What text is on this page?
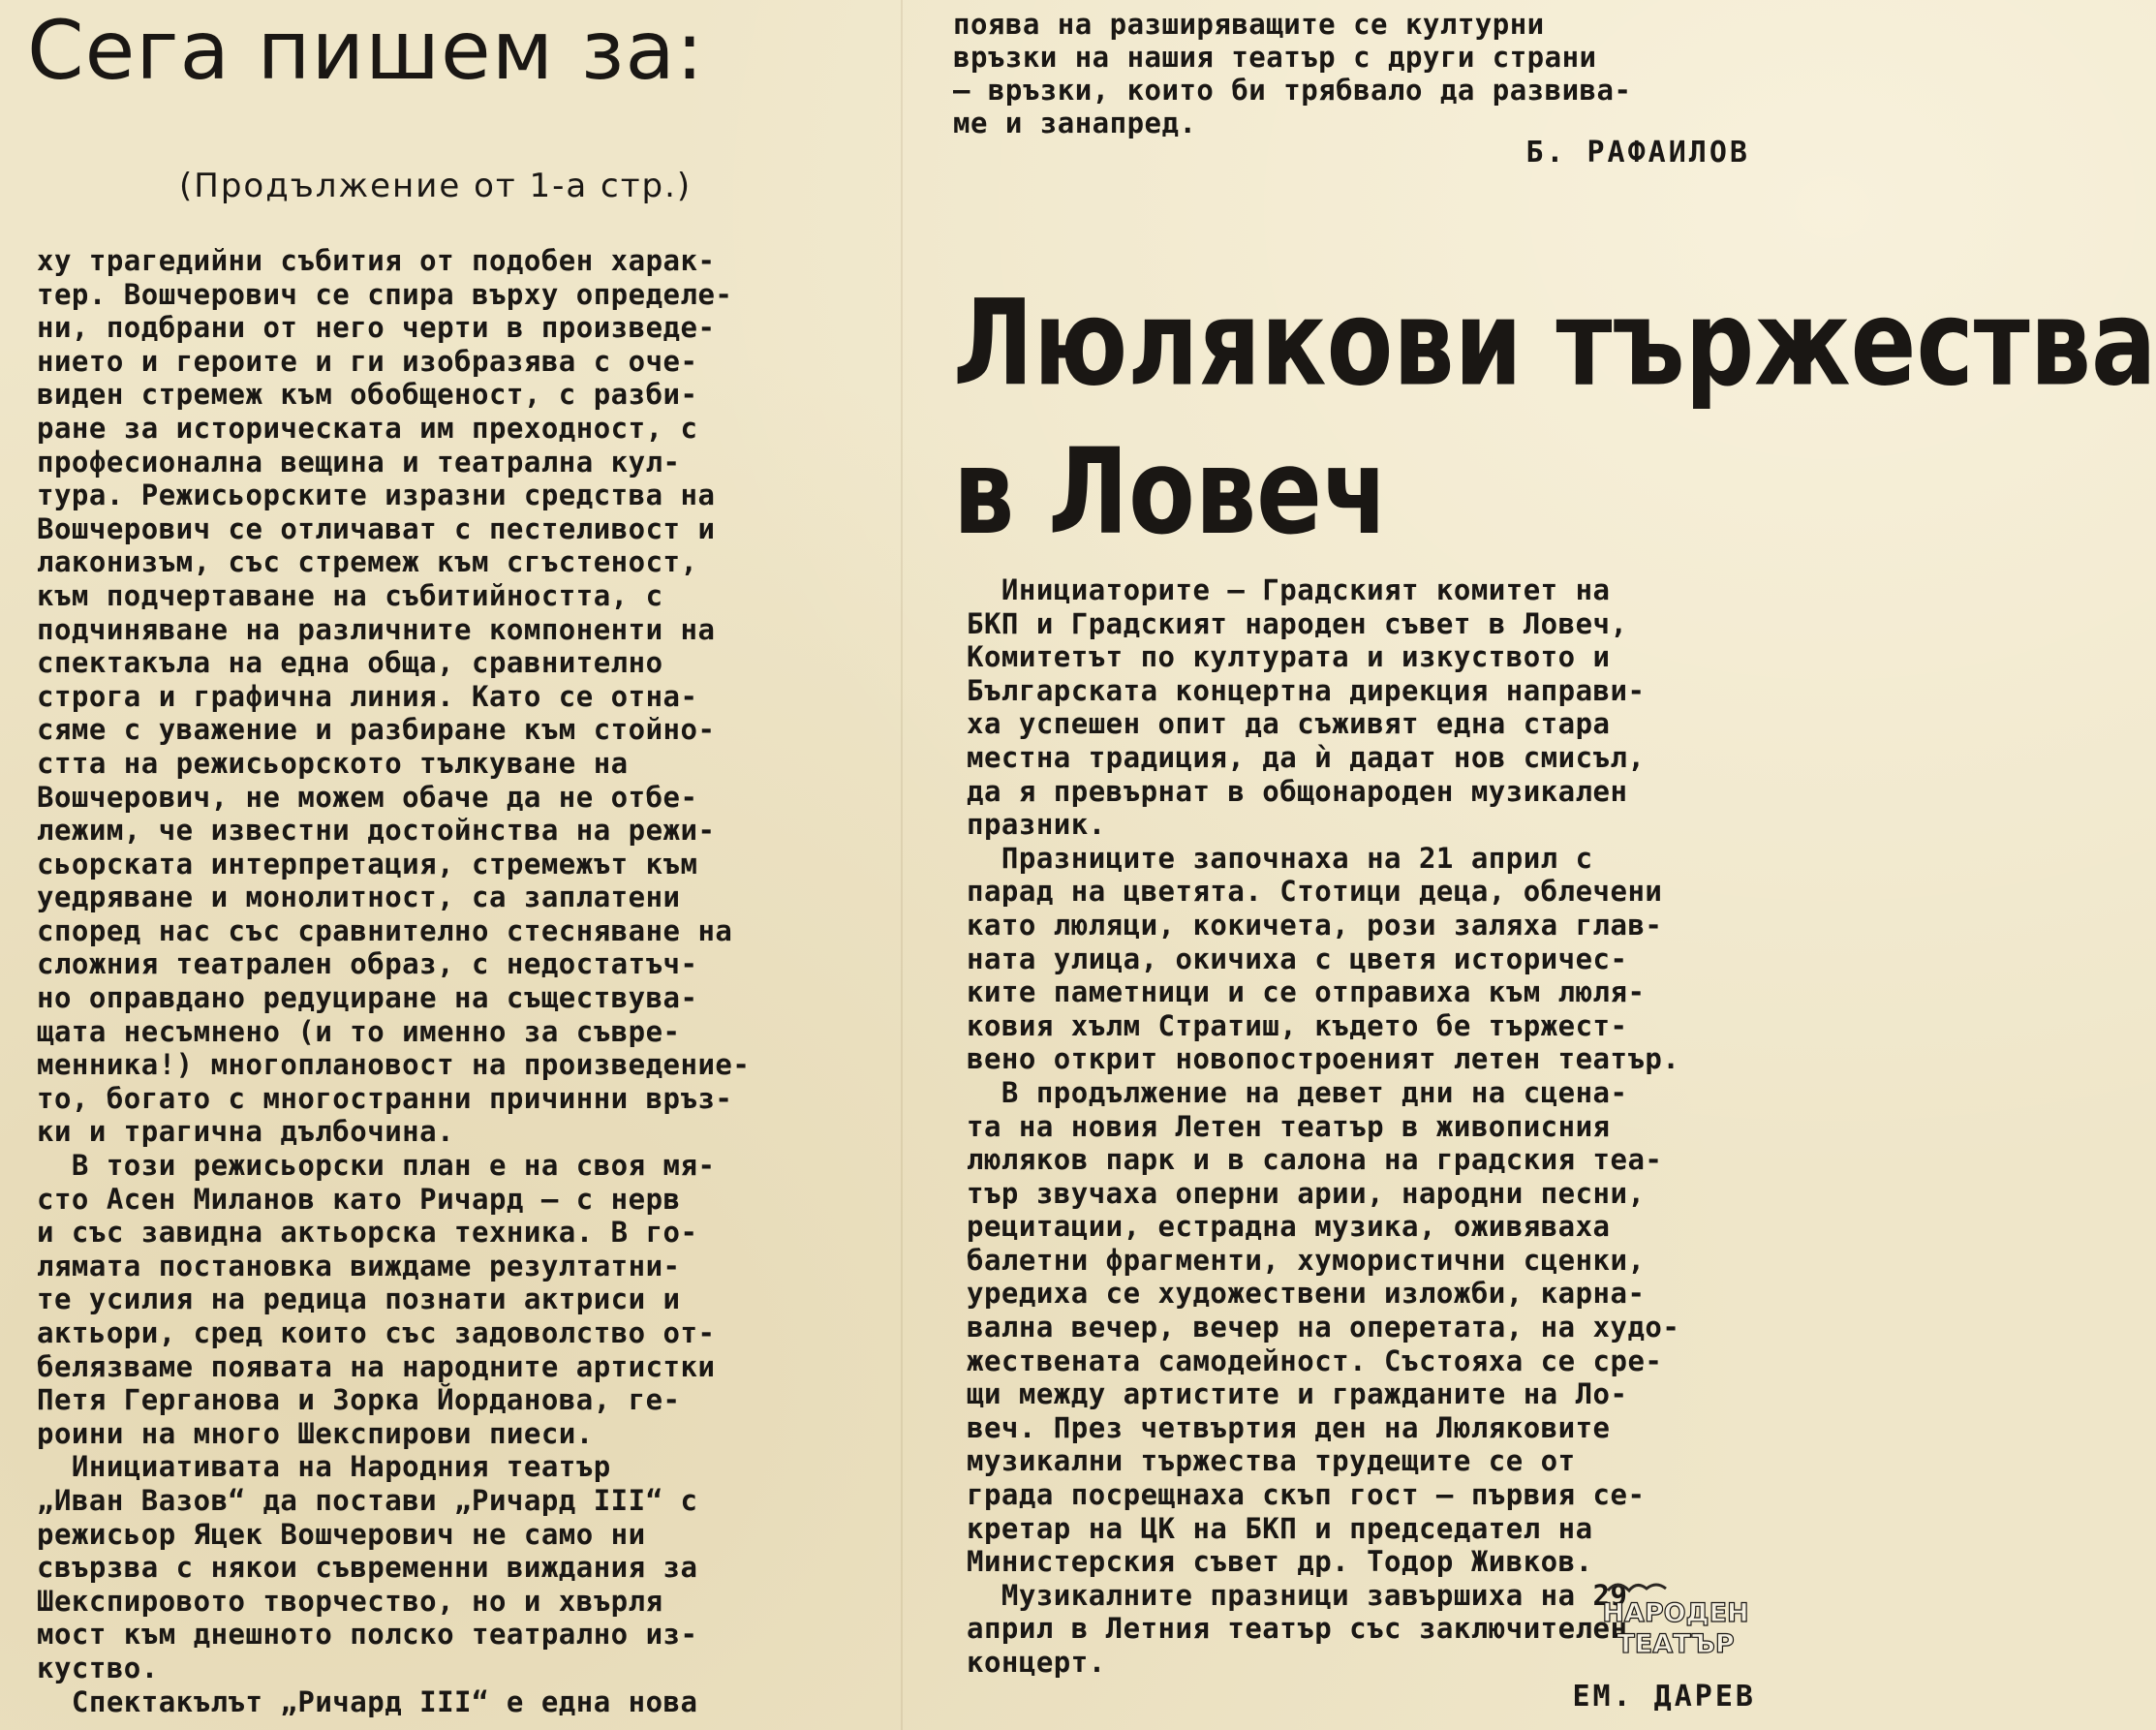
Сега пишем за:

(Продължение от 1-а стр.)

ху трагедийни събития от подобен харак-

тер. Вошчерович се спира върху определе-

ни, подбрани от него черти в произведе-

нието и героите и ги изобразява с оче-

виден стремеж към обобщеност, с разби-

ране за историческата им преходност, с

професионална вещина и театрална кул-

тура. Режисьорските изразни средства на

Вошчерович се отличават с пестеливост и

лаконизъм, със стремеж към сгъстеност,

към подчертаване на събитийността, с

подчиняване на различните компоненти на

спектакъла на една обща, сравнително

строга и графична линия. Като се отна-

сяме с уважение и разбиране към стойно-

стта на режисьорското тълкуване на

Вошчерович, не можем обаче да не отбе-

лежим, че известни достойнства на режи-

сьорската интерпретация, стремежът към

уедряване и монолитност, са заплатени

според нас със сравнително стесняване на

сложния театрален образ, с недостатъч-

но оправдано редуциране на съществува-

щата несъмнено (и то именно за съвре-

менника!) многоплановост на произведение-

то, богато с многостранни причинни връз-

ки и трагична дълбочина.

В този режисьорски план е на своя мя-

сто Асен Миланов като Ричард — с нерв

и със завидна актьорска техника. В го-

лямата постановка виждаме резултатни-

те усилия на редица познати актриси и

актьори, сред които със задоволство от-

белязваме появата на народните артистки

Петя Герганова и Зорка Йорданова, ге-

роини на много Шекспирови пиеси.

Инициативата на Народния театър

„Иван Вазов“ да постави „Ричард III“ с

режисьор Яцек Вошчерович не само ни

свързва с някои съвременни виждания за

Шекспировото творчество, но и хвърля

мост към днешното полско театрално из-

куство.

Спектакълът „Ричард III“ е една нова

поява на разширяващите се културни

връзки на нашия театър с други страни

— връзки, които би трябвало да развива-

ме и занапред.

Б. РАФАИЛОВ

Люлякови тържества
в Ловеч

Инициаторите — Градският комитет на

БКП и Градският народен съвет в Ловеч,

Комитетът по културата и изкуството и

Българската концертна дирекция направи-

ха успешен опит да съживят една стара

местна традиция, да ѝ дадат нов смисъл,

да я превърнат в общонароден музикален

празник.

Празниците започнаха на 21 април с

парад на цветята. Стотици деца, облечени

като люляци, кокичета, рози заляха глав-

ната улица, окичиха с цветя историчес-

ките паметници и се отправиха към люля-

ковия хълм Стратиш, където бе тържест-

вено открит новопостроеният летен театър.

В продължение на девет дни на сцена-

та на новия Летен театър в живописния

люляков парк и в салона на градския теа-

тър звучаха оперни арии, народни песни,

рецитации, естрадна музика, оживяваха

балетни фрагменти, хумористични сценки,

уредиха се художествени изложби, карна-

вална вечер, вечер на оперетата, на худо-

жествената самодейност. Състояха се сре-

щи между артистите и гражданите на Ло-

веч. През четвъртия ден на Люляковите

музикални тържества трудещите се от

града посрещнаха скъп гост — първия се-

кретар на ЦК на БКП и председател на

Министерския съвет др. Тодор Живков.

Музикалните празници завършиха на 29

април в Летния театър със заключителен

концерт.

ЕМ. ДАРЕВ

НАРОДЕН
ТЕАТЪР
